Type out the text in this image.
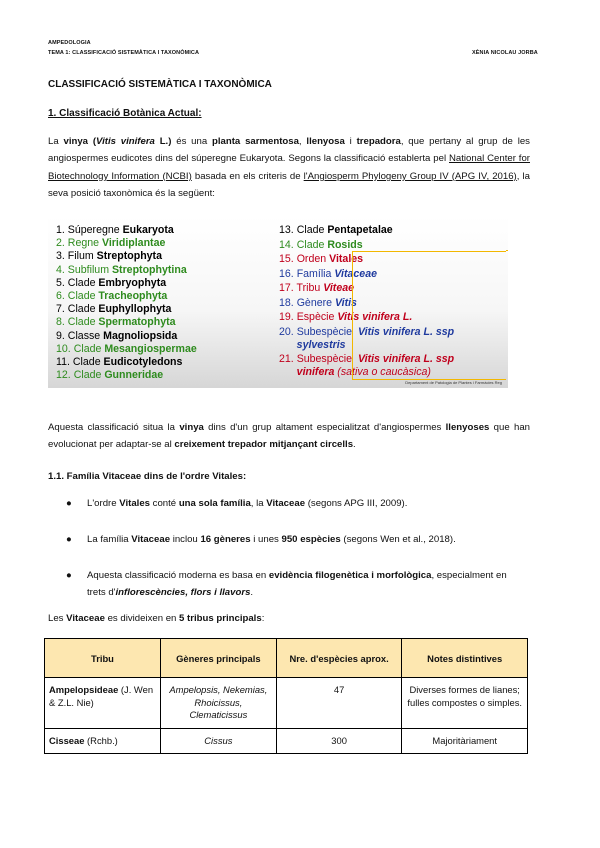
AMPEDOLOGIA
TEMA 1: CLASSIFICACIÓ SISTEMÀTICA I TAXONÒMICA	XÈNIA NICOLAU JORBA
CLASSIFICACIÓ SISTEMÀTICA I TAXONÒMICA
1. Classificació Botànica Actual:
La vinya (Vitis vinifera L.) és una planta sarmentosa, llenyosa i trepadora, que pertany al grup de les angiospermes eudicotes dins del súperegne Eukaryota. Segons la classificació establerta pel National Center for Biotechnology Information (NCBI) basada en els criteris de l'Angiosperm Phylogeny Group IV (APG IV, 2016), la seva posició taxonòmica és la següent:
1. Súperegne Eukaryota
2. Regne Viridiplantae
3. Filum Streptophyta
4. Subfilum Streptophytina
5. Clade Embryophyta
6. Clade Tracheophyta
7. Clade Euphyllophyta
8. Clade Spermatophyta
9. Classe Magnoliopsida
10. Clade Mesangiospermae
11. Clade Eudicotyledons
12. Clade Gunneridae
13. Clade Pentapetalae
14. Clade Rosids
15. Orden Vitales
16. Família Vitaceae
17. Tribu Viteae
18. Gènere Vitis
19. Espècie Vitis vinifera L.
20. Subespècie  Vitis vinifera L. ssp
sylvestris
21. Subespècie  Vitis vinifera L. ssp
vinifera (sativa o caucàsica)
Departament de Patologia de Plantes i Farmàcies Reg
Aquesta classificació situa la vinya dins d'un grup altament especialitzat d'angiospermes llenyoses que han evolucionat per adaptar-se al creixement trepador mitjançant circells.
1.1. Família Vitaceae dins de l'ordre Vitales:
● L'ordre Vitales conté una sola família, la Vitaceae (segons APG III, 2009).
● La família Vitaceae inclou 16 gèneres i unes 950 espècies (segons Wen et al., 2018).
● Aquesta classificació moderna es basa en evidència filogenètica i morfològica, especialment en trets d'inflorescències, flors i llavors.
Les Vitaceae es divideixen en 5 tribus principals:
Tribu	Gèneres principals	Nre. d'espècies aprox.	Notes distintives
Ampelopsideae (J. Wen & Z.L. Nie)	Ampelopsis, Nekemias, Rhoicissus, Clematicissus	47	Diverses formes de lianes; fulles compostes o simples.
Cisseae (Rchb.)	Cissus	300	Majoritàriament
